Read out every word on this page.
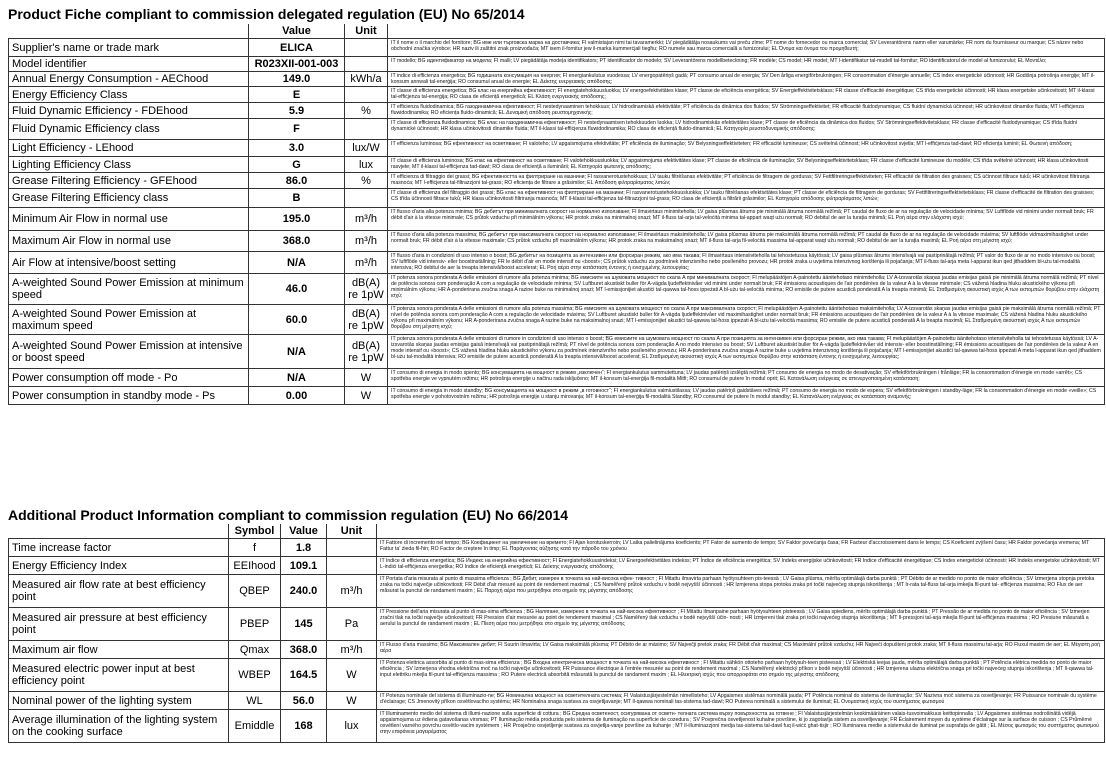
Product Fiche compliant to commission delegated regulation (EU) No 65/2014
	Value	Unit	
Supplier's name or trade mark	ELICA		IT il nome o il marchio del fornitore; BG име или търговска марка на доставчика; FI valmistajan nimi tai tavaramerkki; LV piegādātāja nosaukums vai preču zīme; PT nome do fornecedor ou marca comercial; SV Leverantörens namn eller varumärke; FR nom du fournisseur ou marque; CS název nebo obchodní značka výrobce; HR naziv ili zaštitni znak proizvođača; MT isem il-fornitur jew il-marka kummerċjali tiegħu; RO numele sau marca comercială a furnizorului; EL Όνομα και όνομα του προμηθευτή;
Model identifier	R023XII-001-003		IT modello; BG идентификатор на модела; FI malli; LV piegādātāja modeļa identifikators; PT identificador do modelo; SV Leverantörens modellbeteckning; FR modèle; CS model; HR model; MT l-identifikatur tal-mudell tal-fornitur; RO identificatorul de model al furnizorului; EL Μοντέλο;
Annual Energy Consumption - AEChood	149.0	kWh/a	IT indice di efficienza energetica; BG годишната консумация на енергия; FI energiankulutus vuodessa; LV energopatēriņš gadā; PT consumo anual de energia; SV Den årliga energiförbrukningen; FR consommation d'énergie annuelle; CS index energetické účinnosti; HR Godišnja potrošnja energije; MT il-konsum annwali tal-enerġija; RO consumul anual de energie; EL Δείκτης ενεργειακής απόδοσης;
Energy Efficiency Class	E		IT classe di efficienza energetica; BG клас на енергийна ефективност; FI energiatehokkuusluokka; LV energoefektivitātes klase; PT classe de eficiência energética; SV Energieffektivitetsklass; FR classe d'efficacité énergétique; CS třída energetické účinnosti; HR klasa energetske učinkovitosti; MT il-klassi tal-effiċjenza tal-enerġija; RO clasa de eficiență energetică; EL Κλάση ενεργειακής απόδοσης;
Fluid Dynamic Efficiency - FDEhood	5.9	%	IT efficienza fluidodinamica; BG газодинамична ефективност; FI nestedynaaminen tehokkuus; LV hidrodinamiskā efektivitāte; PT eficiência da dinâmica dos fluidos; SV Strömningseffektivitet; FR efficacité fluidodynamique; CS fluidní dynamická účinnost; HR učinkovitost dinamike fluida; MT l-effiċjenza fluwidodinamika; RO eficiența fluido-dinamică; EL Δυναμική απόδοση ρευστομηχανικής;
Fluid Dynamic Efficiency class	F		IT classe di efficienza fluidodinamica; BG клас на газодинамична ефективност; FI nestedynaamisen tehokkuuden luokka; LV hidrodinamiskās efektivitātes klase; PT classe de eficiência da dinâmica dos fluidos; SV Strömningseffektivitetsklass; FR classe d'efficacité fluidodynamique; CS třída fluidní dynamické účinnosti; HR klasa učinkovitosti dinamike fluida; MT il-klassi tal-effiċjenza fluwidodinamika; RO clasa de eficiență fluido-dinamică; EL Κατηγορία ρευστοδυναμικής απόδοσης;
Light Efficiency - LEhood	3.0	lux/W	IT efficienza luminosa; BG ефективност на осветяване; FI valoteho; LV apgaismojuma efektivitāte; PT eficiência de iluminação; SV Belysningseffektiviteten; FR efficacité lumineuse; CS světelná účinnost; HR učinkovitost svjetla; MT l-effiċjenza tad-dawl; RO eficiența luminii; EL Φωτεινή απόδοση;
Lighting Efficiency Class	G	lux	IT classe di efficienza luminosa; BG клас на ефективност на осветяване; FI valotehokkuusluokka; LV apgaismojuma efektivitātes klase; PT classe de eficiência de iluminação; SV Belysningseffektivitetsklass; FR classe d'efficacité lumineuse du modèle; CS třída světelné účinnosti; HR klasa učinkovitosti rasvjete; MT il-klassi tal-effiċjenza tad-dawl; RO clasa de eficiență a iluminării; EL Κατηγορία φωτεινής απόδοσης;
Grease Filtering Efficiency - GFEhood	86.0	%	IT efficienza di filtraggio dei grassi; BG ефективността на филтриране на мазнини; FI rasvanerotustehokkuus; LV tauku filtrēšanas efektivitāte; PT eficiência de filtragem de gorduras; SV Fettfiltreringseffektiviteten; FR efficacité de filtration des graisses; CS účinnost filtrace tuků; HR učinkovitost filtriranja masnoća; MT l-effiċjenza tal-filtrazzjoni tal-grass; RO eficiența de filtrare a grăsimilor; EL Απόδοση φιλτραρίσματος λιπών;
Grease Filtering Efficiency class	B		IT classe di efficienza del filtraggio dei grassi; BG клас на ефективност на филтриране на мазнини; FI rasvanerotustehokkuusluokka; LV tauku filtrēšanas efektivitātes klase; PT classe de eficiência de filtragem de gorduras; SV Fettfiltreringseffektivitetsklass; FR classe d'efficacité de filtration des graisses; CS třída účinnosti filtrace tuků; HR klasa učinkovitosti filtriranja masnoća; MT il-klassi tal-effiċjenza tal-filtrazzjoni tal-grass; RO clasa de eficiență a filtrării grăsimilor; EL Κατηγορία απόδοσης φιλτραρίσματος λιπών;
Minimum Air Flow in normal use	195.0	m³/h	IT flusso d'aria alla potenza minima; BG дебитът при минималната скорост на нормално използване; FI ilmavirtaus minimiteholla; LV gaisa plūsmas ātrums pie minimālā ātruma normālā režīmā; PT caudal de fluxo de ar na regulação de velocidade mínima; SV Luftflöde vid minimi under normalt bruk; FR débit d'air à la vitesse minimale; CS průtok vzduchu při minimálním výkonu; HR protok zraka na minimalnoj snazi; MT il-fluss tal-arja tal-veloċità minima tal-appart waqt użu normali; RO debitul de aer la turația minimă; EL Ροή αέρα στην ελάχιστη ισχύ;
Maximum Air Flow in normal use	368.0	m³/h	IT flusso d'aria alla potenza massima; BG дебитът при максималната скорост на нормално използване; FI ilmavirtaus maksimiteholla; LV gaisa plūsmas ātrums pie maksimālā ātruma normālā režīmā; PT caudal de fluxo de ar na regulação de velocidade máxima; SV luftflöde vidmaximihastighet under normalt bruk; FR débit d'air à la vitesse maximale; CS průtok vzduchu při maximálním výkonu; HR protok zraka na maksimalnoj snazi; MT il-fluss tal-arja fil-veloċità massima tal-apparat waqt użu normali; RO debitul de aer la turația maximă; EL Ροή αέρα στη μέγιστη ισχύ;
Air Flow at intensive/boost setting	N/A	m³/h	IT flusso d'aria in condizioni di uso intenso o boost; BG дебитът на позицията за интензивен или форсиран режим, ако има такава; FI ilmavirtaus intensiiviteholla tai tehostetussa käytössä; LV gaisa plūsmas ātrums intensīvajā vai pastiprinātajā režīmā; PT valor do fluxo de ar no modo intensivo ou boost; SV luftflöde vid intensiv- eller boostinställning; FR le débit d'air en mode intensif ou «boost»; CS průtok vzduchu za podmínek intenzivního nebo posíleného provozu; HR protok zraka u uvjetima intenzivnog korištenja ili pojačanja; MT il-fluss tal-arja meta l-apparat ikun qed jitħaddem bl-użu tal-modalità intensiva; RO debitul de aer la treapta intensivă/boost accelerat; EL Ροή αέρα στην κατάσταση έντονης ή ενισχυμένης λειτουργίας;
A-weighted Sound Power Emission at minimum speed	46.0	dB(A) re 1pW	IT potenza sonora ponderata A delle emissioni di rumore alla potenza minima; BG емисиите на шумовата мощност по скала A при минималната скорост; FI melupäästöjen A-painotettu äänitehotaso minimiteholla; LV A-izsvarotās skaņas jaudas emisijas gaisā pie minimālā ātruma normālā režīmā; PT nível de potência sonora com ponderação A com a regulação de velocidade mínima; SV Luftburet akustiskt buller för A-vägda ljudeffektnivåer vid minimi under normalt bruk; FR émissions acoustiques de l'air pondérées de la valeur A à la vitesse minimale; CS vážená hladina hluku akustického výkonu při minimálním výkonu; HR A-ponderirana zvučna snaga A razine buke na minimalnoj snazi; MT l-emissjonijiet akustiċi tal-qawwa tal-ħoss ippeżati A bl-użu tal-veloċità minima; RO emisiile de putere acustică ponderată A la treapta minimă; EL Σταθμισμένη ακουστική ισχύς Α των εκπομπών θορύβου στην ελάχιστη ισχύ;
A-weighted Sound Power Emission at maximum speed	60.0	dB(A) re 1pW	IT potenza sonora ponderata A delle emissioni di rumore alla potenza massima; BG емисиите на шумовата мощност по скала A при максималната скорост; FI melupäästöjen A-painotettu äänitehotaso maksimiteholla; LV A-izsvarotās skaņas jaudas emisijas gaisā pie maksimālā ātruma normālā režīmā; PT nível de potência sonora com ponderação A com a regulação de velocidade máxima; SV Luftburet akustiskt buller för A-vägda ljudeffektnivåer vid maximihastighet under normalt bruk; FR émissions acoustiques de l'air pondérées de la valeur A à la vitesse maximale; CS vážená hladina hluku akustického výkonu při maximálním výkonu; HR A-ponderirana zvučna snaga A razine buke na maksimalnoj snazi; MT l-emissjonijiet akustiċi tal-qawwa tal-ħoss ippeżati A bl-użu tal-veloċità massima; RO emisiile de putere acustică ponderată A la treapta maximă; EL Σταθμισμένη ακουστική ισχύς Α των εκπομπών θορύβου στη μέγιστη ισχύ;
A-weighted Sound Power Emission at intensive or boost speed	N/A	dB(A) re 1pW	IT potenza sonora ponderata A delle emissioni di rumore in condizioni di uso intenso o boost; BG емисиите на шумовата мощност по скала A при позицията за интензивен или форсиран режим, ако има такава; FI melupäästöjen A-painotettu äänitehotaso intensiiviteholla tai tehostetussa käytössä; LV A-izsvarotās skaņas jaudas emisijas gaisā intensīvajā vai pastiprinātajā režīmā; PT nível de potência sonora com ponderação A no modo intensivo ou boost; SV Luftburet akustiskt buller för A-vägda ljudeffektnivåer vid intensiv- eller boostinställning; FR émissions acoustiques de l'air pondérées de la valeur A en mode intensif ou «boost»; CS vážená hladina hluku akustického výkonu za podmínek intenzivního nebo posíleného provozu; HR A-ponderirana zvučna snaga A razine buke u uvjetima intenzivnog korištenja ili pojačanja; MT l-emissjonijiet akustiċi tal-qawwa tal-ħoss ippeżati A meta l-apparat ikun qed jitħaddem bl-użu tal-modalità intensiva; RO emisiile de putere acustică ponderată A la treapta intensivă/boost accelerat; EL Σταθμισμένη ακουστική ισχύς Α των εκπομπών θορύβου στην κατάσταση έντονης ή ενισχυμένης λειτουργίας;
Power consumption off mode - Po	N/A	W	IT consumo di energia in modo spento; BG консумацията на мощност в режим „изключен“; FI energiankulutus sammutettuna; LV jaudas patēriņš izslēgtā režīmā; PT consumo de energia no modo de desativação; SV effektförbrukningen i frånläge; FR la consommation d'énergie en mode «arrêt»; CS spotřeba energie ve vypnutém režimu; HR potrošnja energije u načinu rada isključeno; MT il-konsum tal-enerġija fil-modalità Mitfi; RO consumul de putere în modul oprit; EL Κατανάλωση ενέργειας σε απενεργοποιημένη κατάσταση;
Power consumption in standby mode - Ps	0.00	W	IT consumo di energia in modo standby; BG консумацията на мощност в режим „в готовност“; FI energiankulutus valmiustilassa; LV jaudas patēriņš gaidstāves režīmā; PT consumo de energia no modo de espera; SV effektförbrukningen i standby-läge; FR la consommation d'énergie en mode «veille»; CS spotřeba energie v pohotovostním režimu; HR potrošnja energije u stanju mirovanja; MT il-konsum tal-enerġija fil-modalità Standby; RO consumul de putere în modul standby; EL Κατανάλωση ενέργειας σε κατάσταση αναμονής;
Additional Product Information compliant to commission regulation (EU) No 66/2014
	Symbol	Value	Unit	
Time increase factor	f	1.8		IT Fattore di incremento nel tempo; BG Коефициент на увеличение на времето; FI Ajan korotuskerroin; LV Laika palielinājuma koeficients; PT Fator de aumento de tempo; SV Faktor povećanja časa; FR Facteur d'accroissement dans le temps; CS Koeficient zvýšení času; HR Faktor povećanja vremena; MT Fattur ta' żieda fil-ħin; RO Factor de creștere în timp; EL Παράγοντας αύξησης κατά την πάροδο του χρόνου
Energy Efficiency Index	EEIhood	109.1		IT Indice di efficienza energetica; BG Индекс на енергийна ефективност; FI Energiatehokkuusindeksi; LV Energoefektivitātes indekss; PT Índice de eficiência energética; SV Indeks energijske učinkovitosti; FR Indice d'efficacité énergétique; CS Index energetické účinnosti; HR Indeks energetske učinkovitosti; MT L-indiċi tal-effiċjenza enerġetika; RO Indice de eficiență energetică; EL Δείκτης ενεργειακής απόδοσης
Measured air flow rate at best efficiency point	QBEP	240.0	m³/h	IT Portata d'aria misurata al punto di massima efficienza ; BG Дебит, измерен в точката на най-висока ефек- тивност ; FI Mitattu ilmavirta parhaan hyötysuhteen pis-teessä ; LV Gaisa plūsma, mērīta optimālajā darba punktā ; PT Débito de ar medido no ponto de maior eficiência ; SV Izmerjena stopnja pretoka zraka na točki največje učinkovitosti; FR Débit d'air mesuré au point de rendement maximal ; CS Naměřený průtok vzduchu v bodě nejvyšší účinnosti ; HR Izmjerena stopa protoka zraka pri točki najvećeg stupnja iskorištenja ; MT Ir-rata tal-fluss tal-arja imkejla fil-punt tal- effiċjenza massima; RO Flux de aer măsurat la punctul de randament maxim ; EL Παροχή αέρα που μετρήθηκε στο σημείο της μέγιστης απόδοσης
Measured air pressure at best efficiency point	PBEP	145	Pa	IT Pressione dell'aria misurata al punto di mas-sima efficienza ; BG Налягане, измерено в точката на най-висока ефективност ; FI Mitattu ilmanpaine parhaan hyötysuhteen pisteessä ; LV Gaisa spiediens, mērīts optimālajā darba punktā ; PT Pressão de ar medida no ponto de maior eficiência ; SV Izmerjen zračni tlak na točki največje učinkovitosti; FR Pression d'air mesurée au point de rendement maximal ; CS Naměřený tlak vzduchu v bodě nejvyšší účin- nosti ; HR Izmjereni tlak zraka pri točki najvećeg stupnja iskorištenja ; MT Il-pressjoni tal-arja mkejla fil-punt tal-effiċjenza massima ; RO Presiune măsurată a aerului la punctul de randament maxim ; EL Πίεση αέρα που μετρήθηκε στο σημείο της μέγιστης απόδοσης
Maximum air flow	Qmax	368.0	m³/h	IT Flusso d'aria massimo; BG Максимален дебит; FI Suurin ilmavirta; LV Gaisa maksimālā plūsma; PT Débito de ar máximo; SV Največji pretok zraka; FR Débit d'air maximal; CS Maximální průtok vzduchu; HR Najveći dopušteni protok zraka; MT Il-fluss massimu tal-arja; RO Fluxul maxim de aer; EL Μέγιστη ροή αέρα
Measured electric power input at best efficiency point	WBEP	164.5	W	IT Potenza elettrica assorbita al punto di mas-sima efficienza ; BG Входна електрическа мощност в точката на най-висока ефективност ; FI Mitattu sähkön ottoteho parhaan hyötysuh-teen pisteessä ; LV Elektriskā ieejas jauda, mērīta optimālajā darba punktā ; PT Potência elétrica medida no ponto de maior eficiência ; SV Izmerjena vhodna električna moč na točki največje učinkovitosti; FR Puissance électrique à l'entrée mesurée au point de rendement maximal ; CS Naměřený elektrický příkon v bodě nejvyšší účinnosti ; HR Izmjerena ulazna električna snaga pri točki najvećeg stupnja iskorištenja ; MT Il-qawwa tal-input elettriku mkejla fil-punt tal-effiċjenza massima ; RO Putere electrică absorbită măsurată la punctul de randament maxim ; EL Ηλεκτρική ισχύς που απορροφάται στο σημείο της μέγιστης απόδοσης
Nominal power of the lighting system	WL	56.0	W	IT Potenza nominale del sistema di illuminazio-ne; BG Номинална мощност на осветителната система; FI Valaistusjärjestelmän nimellisteho; LV Apgaismes sistēmas nominālā jauda; PT Potência nominal do sistema de iluminação; SV Nazivna moč sistema za osvetljevanje; FR Puissance nominale du système d'éclairage; CS Jmenovitý příkon osvětlovacího systému; HR Nominalna snaga sustava za osvjetljavanje; MT Il-qawwa nominali tas-sistema tad-dawl; RO Puterea nominală a sistemului de iluminat; EL Ονομαστική ισχύς του συστήματος φωτισμού
Average illumination of the lighting system on the cooking surface	Emiddle	168	lux	IT Illuminamento medio del sistema di illumi-nazione sulla superficie di cottura ; BG Средна осветеност, осигурявана от осветн- телната система върху повърхността за готвене ; FI Valaistusjärjestelmän keskimääräinen valais-tusvoimakkuus keittopinnalla ; LV Apgaismes sistēmas nodrošinātā vidējā apgaismojuma uz ēdiena gatavošanas virsmas; PT Iluminação média produzida pelo sistema de iluminação na superfície de cozedura ; SV Povprečna osvetljenost kuhalne površine, ki jo zagotavlja sistem za osvetljevanje; FR Éclairement moyen du système d'éclairage sur la surface de cuisson ; CS Průměrné osvětlení varného povrchu osvětlo-vacím systémem ; HR Prosječno osvjetljenje sustava za osvjetlja-vanje površine za kuhanje ; MT Il-illuminazzjoni medja tas-sistema tal-dawl fuq il-wiċċ ghat-tisjir ; RO Iluminarea medie a sistemului de iluminat pe suprafața de gătit ; EL Μέσος φωτισμός του συστήματος φωτισμού στην επιφάνεια μαγειρέματος
